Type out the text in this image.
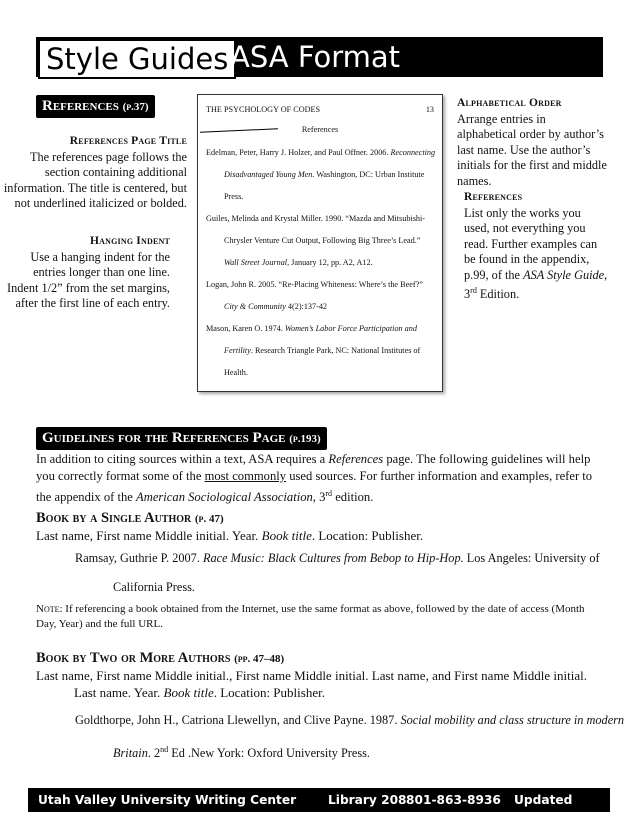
Style Guides ASA Format
References (p.37)
References Page Title
The references page follows the section containing additional information. The title is centered, but not underlined italicized or bolded.
Hanging Indent
Use a hanging indent for the entries longer than one line. Indent 1/2” from the set margins, after the first line of each entry.
THE PSYCHOLOGY OF CODES	13
References

Edelman, Peter, Harry J. Holzer, and Paul Offner. 2006. Reconnecting Disadvantaged Young Men. Washington, DC: Urban Institute Press.

Guiles, Melinda and Krystal Miller. 1990. “Mazda and Mitsubishi-Chrysler Venture Cut Output, Following Big Three’s Lead.” Wall Street Journal, January 12, pp. A2, A12.

Logan, John R. 2005. “Re-Placing Whiteness: Where’s the Beef?” City & Community 4(2):137-42

Mason, Karen O. 1974. Women’s Labor Force Participation and Fertility. Research Triangle Park, NC: National Institutes of Health.

Alphabetical Order
Arrange entries in alphabetical order by author’s last name. Use the author’s initials for the first and middle names.
References
List only the works you used, not everything you read. Further examples can be found in the appendix, p.99, of the ASA Style Guide, 3rd Edition.
Guidelines for the References Page (p.193)
In addition to citing sources within a text, ASA requires a References page. The following guidelines will help you correctly format some of the most commonly used sources. For further information and examples, refer to the appendix of the American Sociological Association, 3rd edition.
Book by a Single Author (p. 47)
Last name, First name Middle initial. Year. Book title. Location: Publisher.
Ramsay, Guthrie P. 2007. Race Music: Black Cultures from Bebop to Hip-Hop. Los Angeles: University of California Press.
Note: If referencing a book obtained from the Internet, use the same format as above, followed by the date of access (Month Day, Year) and the full URL.
Book by Two or More Authors (pp. 47–48)
Last name, First name Middle initial., First name Middle initial. Last name, and First name Middle initial. Last name. Year. Book title. Location: Publisher.
Goldthorpe, John H., Catriona Llewellyn, and Clive Payne. 1987. Social mobility and class structure in modern Britain. 2nd Ed .New York: Oxford University Press.
Utah Valley University Writing Center	Library 208 801-863-8936 Updated 2011
